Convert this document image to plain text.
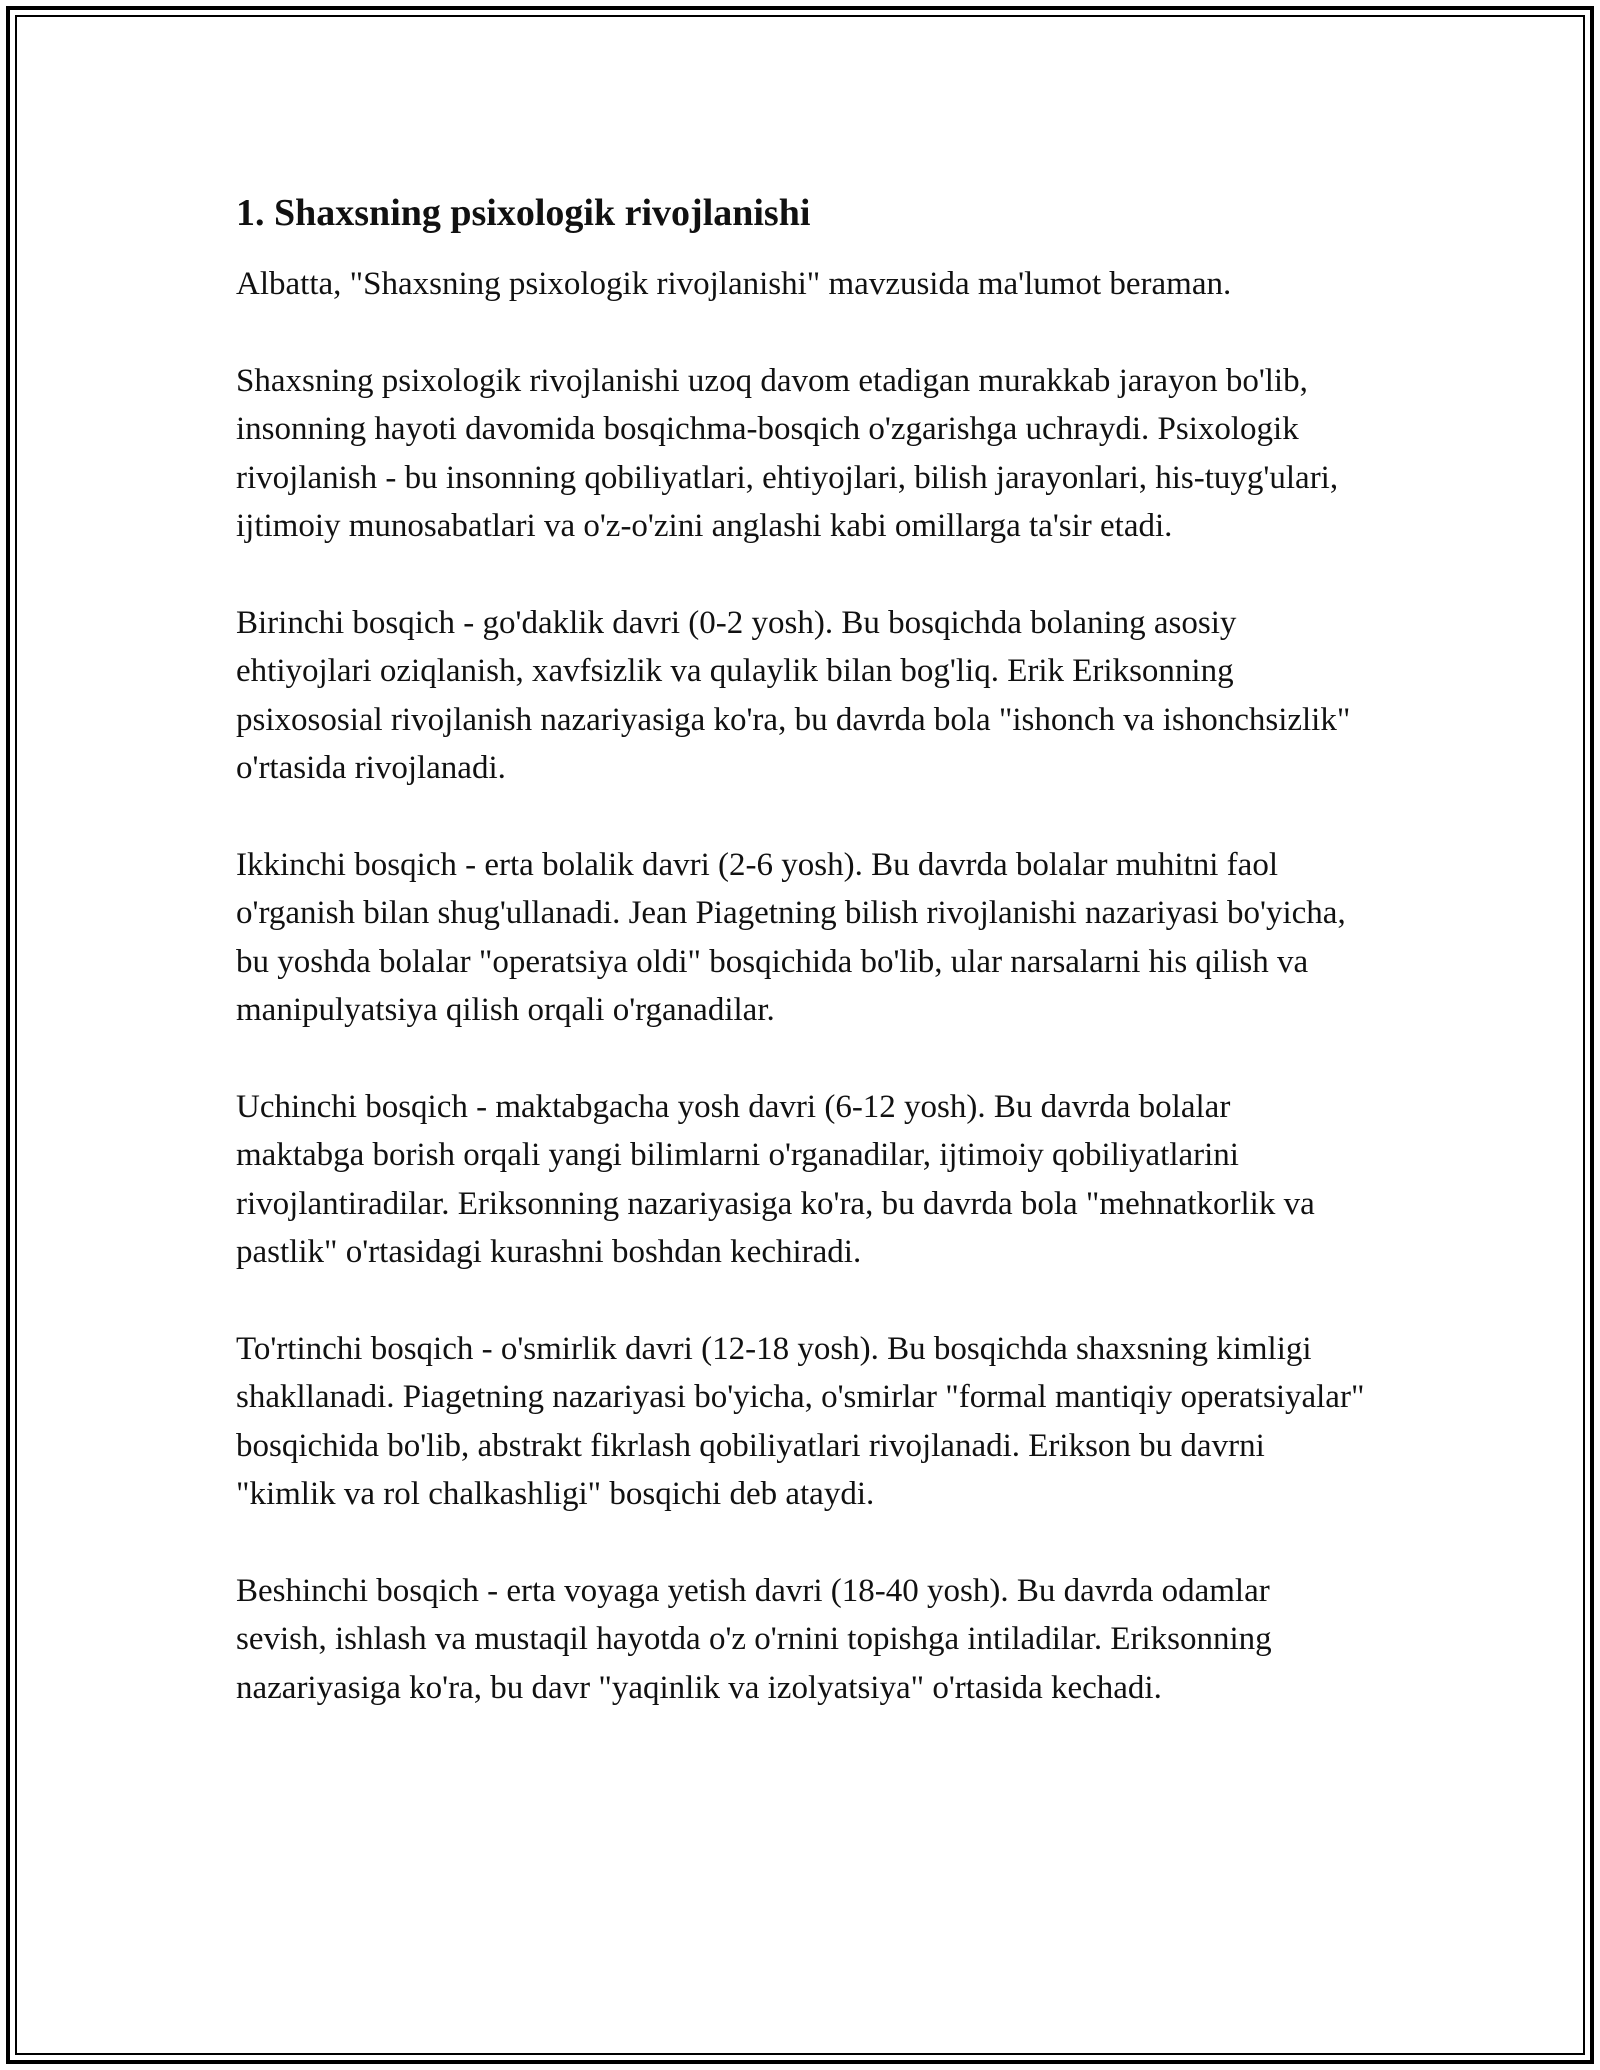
1. Shaxsning psixologik rivojlanishi

Albatta, "Shaxsning psixologik rivojlanishi" mavzusida ma'lumot beraman.

Shaxsning psixologik rivojlanishi uzoq davom etadigan murakkab jarayon bo'lib, insonning hayoti davomida bosqichma-bosqich o'zgarishga uchraydi. Psixologik rivojlanish - bu insonning qobiliyatlari, ehtiyojlari, bilish jarayonlari, his-tuyg'ulari, ijtimoiy munosabatlari va o'z-o'zini anglashi kabi omillarga ta'sir etadi.

Birinchi bosqich - go'daklik davri (0-2 yosh). Bu bosqichda bolaning asosiy ehtiyojlari oziqlanish, xavfsizlik va qulaylik bilan bog'liq. Erik Eriksonning psixososial rivojlanish nazariyasiga ko'ra, bu davrda bola "ishonch va ishonchsizlik" o'rtasida rivojlanadi.

Ikkinchi bosqich - erta bolalik davri (2-6 yosh). Bu davrda bolalar muhitni faol o'rganish bilan shug'ullanadi. Jean Piagetning bilish rivojlanishi nazariyasi bo'yicha, bu yoshda bolalar "operatsiya oldi" bosqichida bo'lib, ular narsalarni his qilish va manipulyatsiya qilish orqali o'rganadilar.

Uchinchi bosqich - maktabgacha yosh davri (6-12 yosh). Bu davrda bolalar maktabga borish orqali yangi bilimlarni o'rganadilar, ijtimoiy qobiliyatlarini rivojlantiradilar. Eriksonning nazariyasiga ko'ra, bu davrda bola "mehnatkorlik va pastlik" o'rtasidagi kurashni boshdan kechiradi.

To'rtinchi bosqich - o'smirlik davri (12-18 yosh). Bu bosqichda shaxsning kimligi shakllanadi. Piagetning nazariyasi bo'yicha, o'smirlar "formal mantiqiy operatsiyalar" bosqichida bo'lib, abstrakt fikrlash qobiliyatlari rivojlanadi. Erikson bu davrni "kimlik va rol chalkashligi" bosqichi deb ataydi.

Beshinchi bosqich - erta voyaga yetish davri (18-40 yosh). Bu davrda odamlar sevish, ishlash va mustaqil hayotda o'z o'rnini topishga intiladilar. Eriksonning nazariyasiga ko'ra, bu davr "yaqinlik va izolyatsiya" o'rtasida kechadi.
